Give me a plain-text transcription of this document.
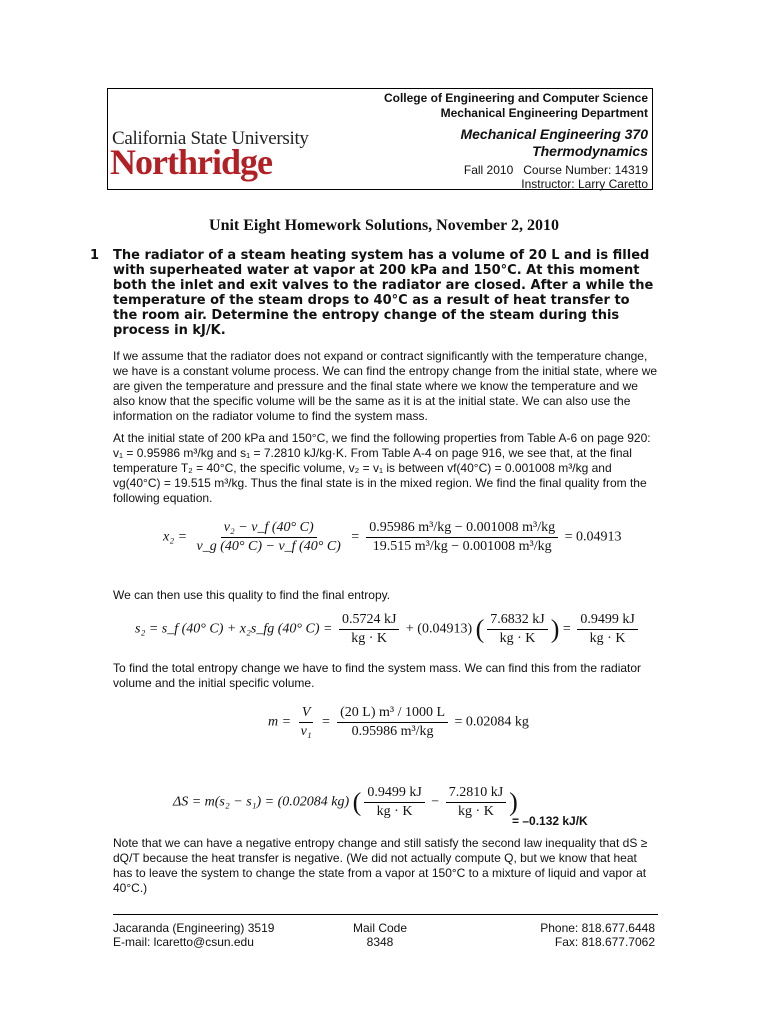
California State University
Northridge
College of Engineering and Computer Science
Mechanical Engineering Department
Mechanical Engineering 370
Thermodynamics
Fall 2010   Course Number: 14319
Instructor: Larry Caretto
Unit Eight Homework Solutions, November 2, 2010
1 The radiator of a steam heating system has a volume of 20 L and is filled with superheated water at vapor at 200 kPa and 150°C. At this moment both the inlet and exit valves to the radiator are closed. After a while the temperature of the steam drops to 40°C as a result of heat transfer to the room air. Determine the entropy change of the steam during this process in kJ/K.
If we assume that the radiator does not expand or contract significantly with the temperature change, we have is a constant volume process. We can find the entropy change from the initial state, where we are given the temperature and pressure and the final state where we know the temperature and we also know that the specific volume will be the same as it is at the initial state. We can also use the information on the radiator volume to find the system mass.
At the initial state of 200 kPa and 150°C, we find the following properties from Table A-6 on page 920: v₁ = 0.95986 m³/kg and s₁ = 7.2810 kJ/kg·K. From Table A-4 on page 916, we see that, at the final temperature T₂ = 40°C, the specific volume, v₂ = v₁ is between vf(40°C) = 0.001008 m³/kg and vg(40°C) = 19.515 m³/kg. Thus the final state is in the mixed region. We find the final quality from the following equation.
$x_2 = \frac{\text{v₂ − v\_f (40° C)}}{v\_g (40^\circ C) - v\_f (40^\circ C)} = \frac{\text{0.95986 m³/kg − 0.001008 m³/kg}}{\text{19.515 m³/kg − 0.001008 m³/kg}} = 0.04913$
We can then use this quality to find the final entropy.
s₂ = s_f (40° C) + x₂s_fg (40° $C) = \frac{0.5724 kJ}{kg \cdot K} + (0.04913)$ ( $\frac{7.6832 kJ}{kg \cdot K}$ ) = $\frac{0.9499 kJ}{kg \cdot K}$
To find the total entropy change we have to find the system mass. We can find this from the radiator volume and the initial specific volume.
$m = \frac{V}{\text{v₁}} = \frac{\text{(20 L) m³ / 1000 L}}{\text{0.95986 m³/kg}} = 0.02084$ kg
ΔS = m(s₂ − s₁) = (0.02084 kg) ( $\frac{0.9499 kJ}{kg \cdot K} - \frac{7.2810 kJ}{kg \cdot K}$ )
= –0.132 kJ/K
Note that we can have a negative entropy change and still satisfy the second law inequality that dS ≥ dQ/T because the heat transfer is negative. (We did not actually compute Q, but we know that heat has to leave the system to change the state from a vapor at 150°C to a mixture of liquid and vapor at 40°C.)
Jacaranda (Engineering) 3519
E-mail: lcaretto@csun.edu
Mail Code
8348
Phone: 818.677.6448
Fax: 818.677.7062
